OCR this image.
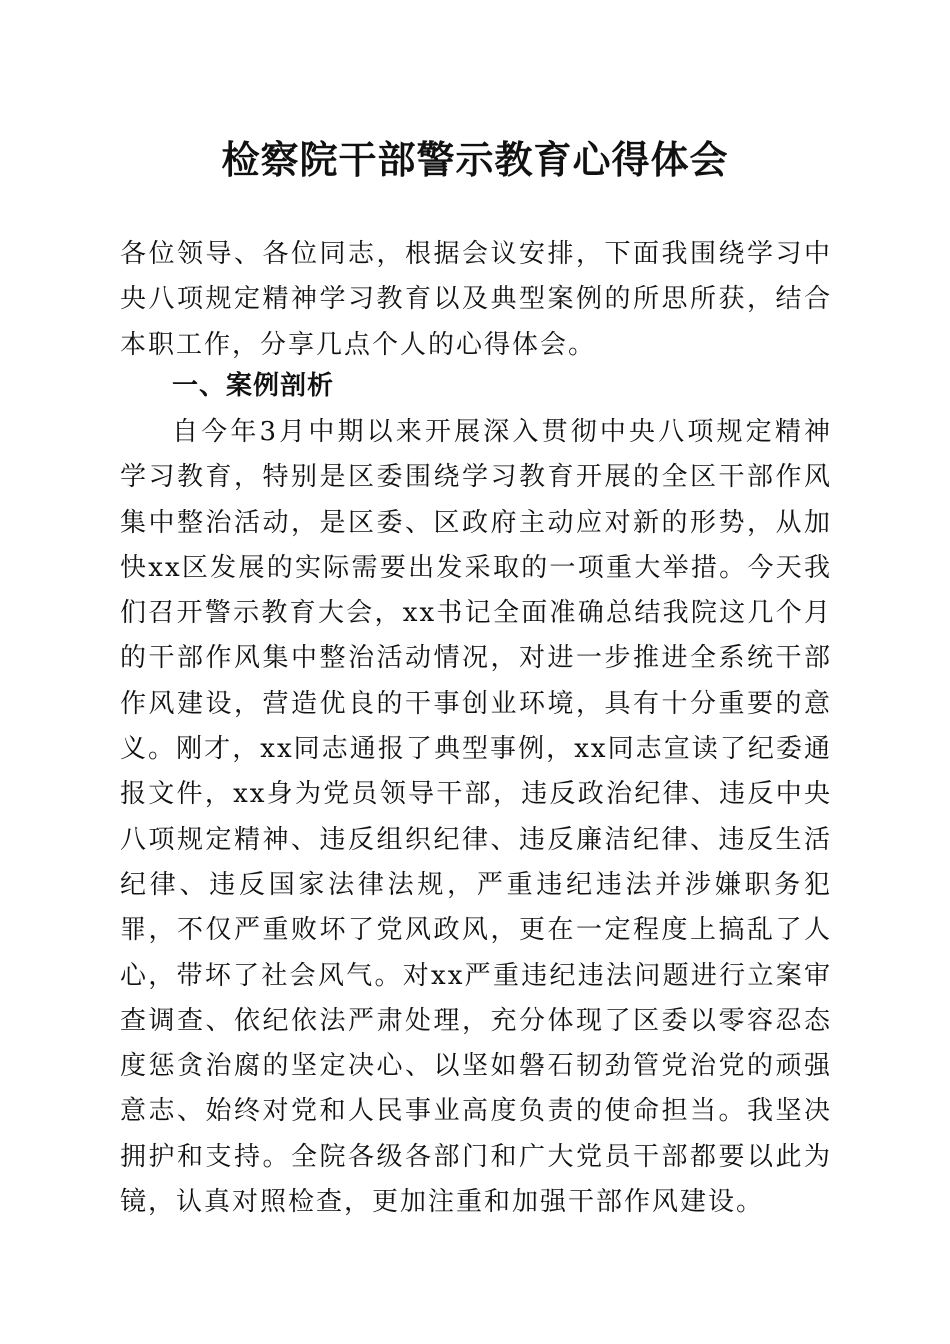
检察院干部警示教育心得体会

各位领导、各位同志，根据会议安排，下面我围绕学习中央八项规定精神学习教育以及典型案例的所思所获，结合本职工作，分享几点个人的心得体会。

一、案例剖析

自今年3月中期以来开展深入贯彻中央八项规定精神学习教育，特别是区委围绕学习教育开展的全区干部作风集中整治活动，是区委、区政府主动应对新的形势，从加快xx区发展的实际需要出发采取的一项重大举措。今天我们召开警示教育大会，xx书记全面准确总结我院这几个月的干部作风集中整治活动情况，对进一步推进全系统干部作风建设，营造优良的干事创业环境，具有十分重要的意义。刚才，xx同志通报了典型事例，xx同志宣读了纪委通报文件，xx身为党员领导干部，违反政治纪律、违反中央八项规定精神、违反组织纪律、违反廉洁纪律、违反生活纪律、违反国家法律法规，严重违纪违法并涉嫌职务犯罪，不仅严重败坏了党风政风，更在一定程度上搞乱了人心，带坏了社会风气。对xx严重违纪违法问题进行立案审查调查、依纪依法严肃处理，充分体现了区委以零容忍态度惩贪治腐的坚定决心、以坚如磐石韧劲管党治党的顽强意志、始终对党和人民事业高度负责的使命担当。我坚决拥护和支持。全院各级各部门和广大党员干部都要以此为镜，认真对照检查，更加注重和加强干部作风建设。
